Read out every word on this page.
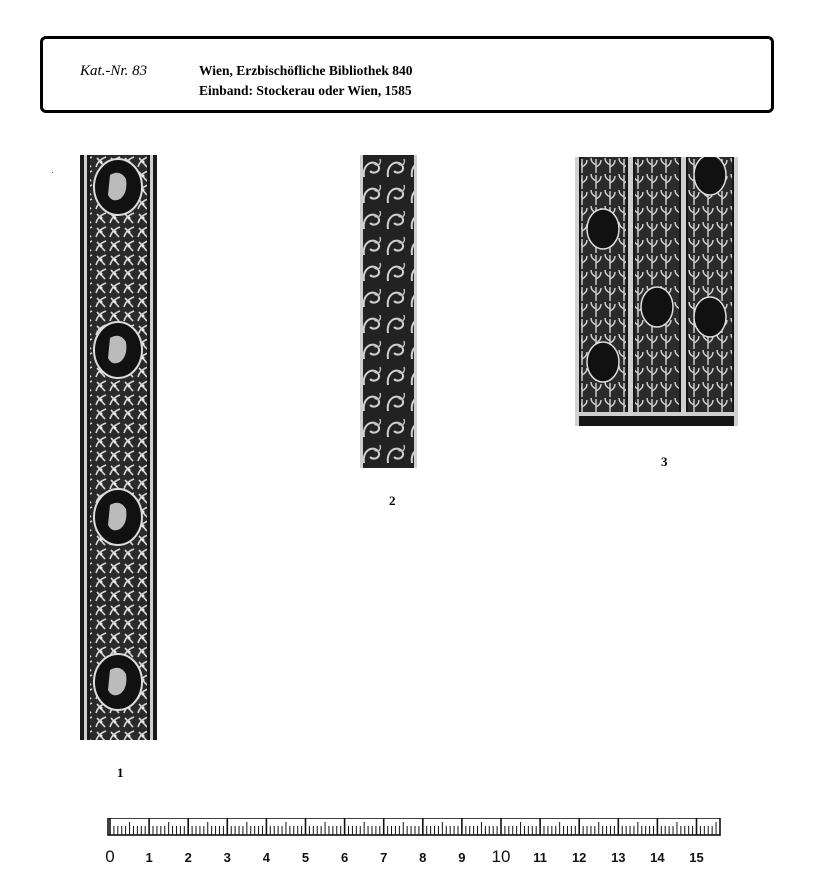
Kat.-Nr. 83	Wien, Erzbischöfliche Bibliothek 840
Einband: Stockerau oder Wien, 1585
1
2
3
0 1 2 3 4 5 6 7 8 9 10 11 12 13 14 15
